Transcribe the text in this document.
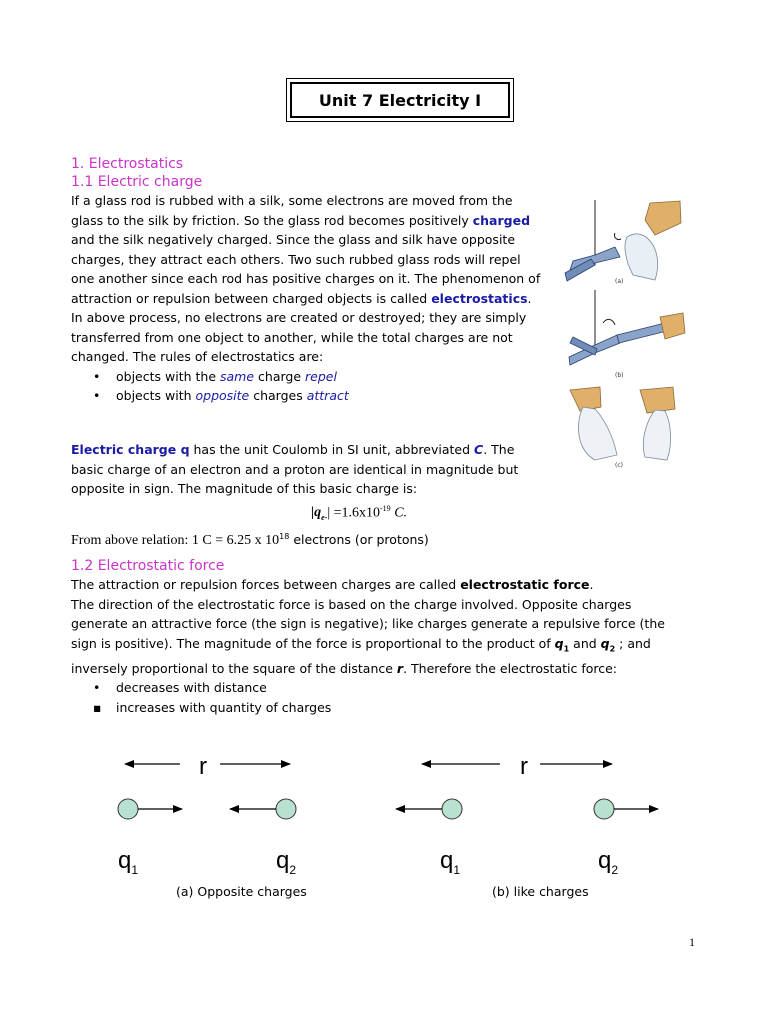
Unit 7 Electricity I
1. Electrostatics
1.1 Electric charge
If a glass rod is rubbed with a silk, some electrons are moved from the
glass to the silk by friction. So the glass rod becomes positively charged
and the silk negatively charged. Since the glass and silk have opposite
charges, they attract each others. Two such rubbed glass rods will repel
one another since each rod has positive charges on it. The phenomenon of
attraction or repulsion between charged objects is called electrostatics.
In above process, no electrons are created or destroyed; they are simply
transferred from one object to another, while the total charges are not
changed. The rules of electrostatics are:
• objects with the same charge repel
• objects with opposite charges attract
Electric charge q has the unit Coulomb in SI unit, abbreviated C. The
basic charge of an electron and a proton are identical in magnitude but
opposite in sign. The magnitude of this basic charge is:
$|q_{e-}| =1.6x10^{-19}$ C.
From above relation: 1 C = 6.25 x $10^{18}$ electrons (or protons)
1.2 Electrostatic force
The attraction or repulsion forces between charges are called electrostatic force.
The direction of the electrostatic force is based on the charge involved. Opposite charges
generate an attractive force (the sign is negative); like charges generate a repulsive force (the
sign is positive). The magnitude of the force is proportional to the product of $q_1$ and $q_2$ ; and
inversely proportional to the square of the distance r. Therefore the electrostatic force:
• decreases with distance
▪ increases with quantity of charges
(a)
(b)
(c)
r
$q_1$	$q_2$
r
$q_1$	$q_2$
(a) Opposite charges	(b) like charges
1
